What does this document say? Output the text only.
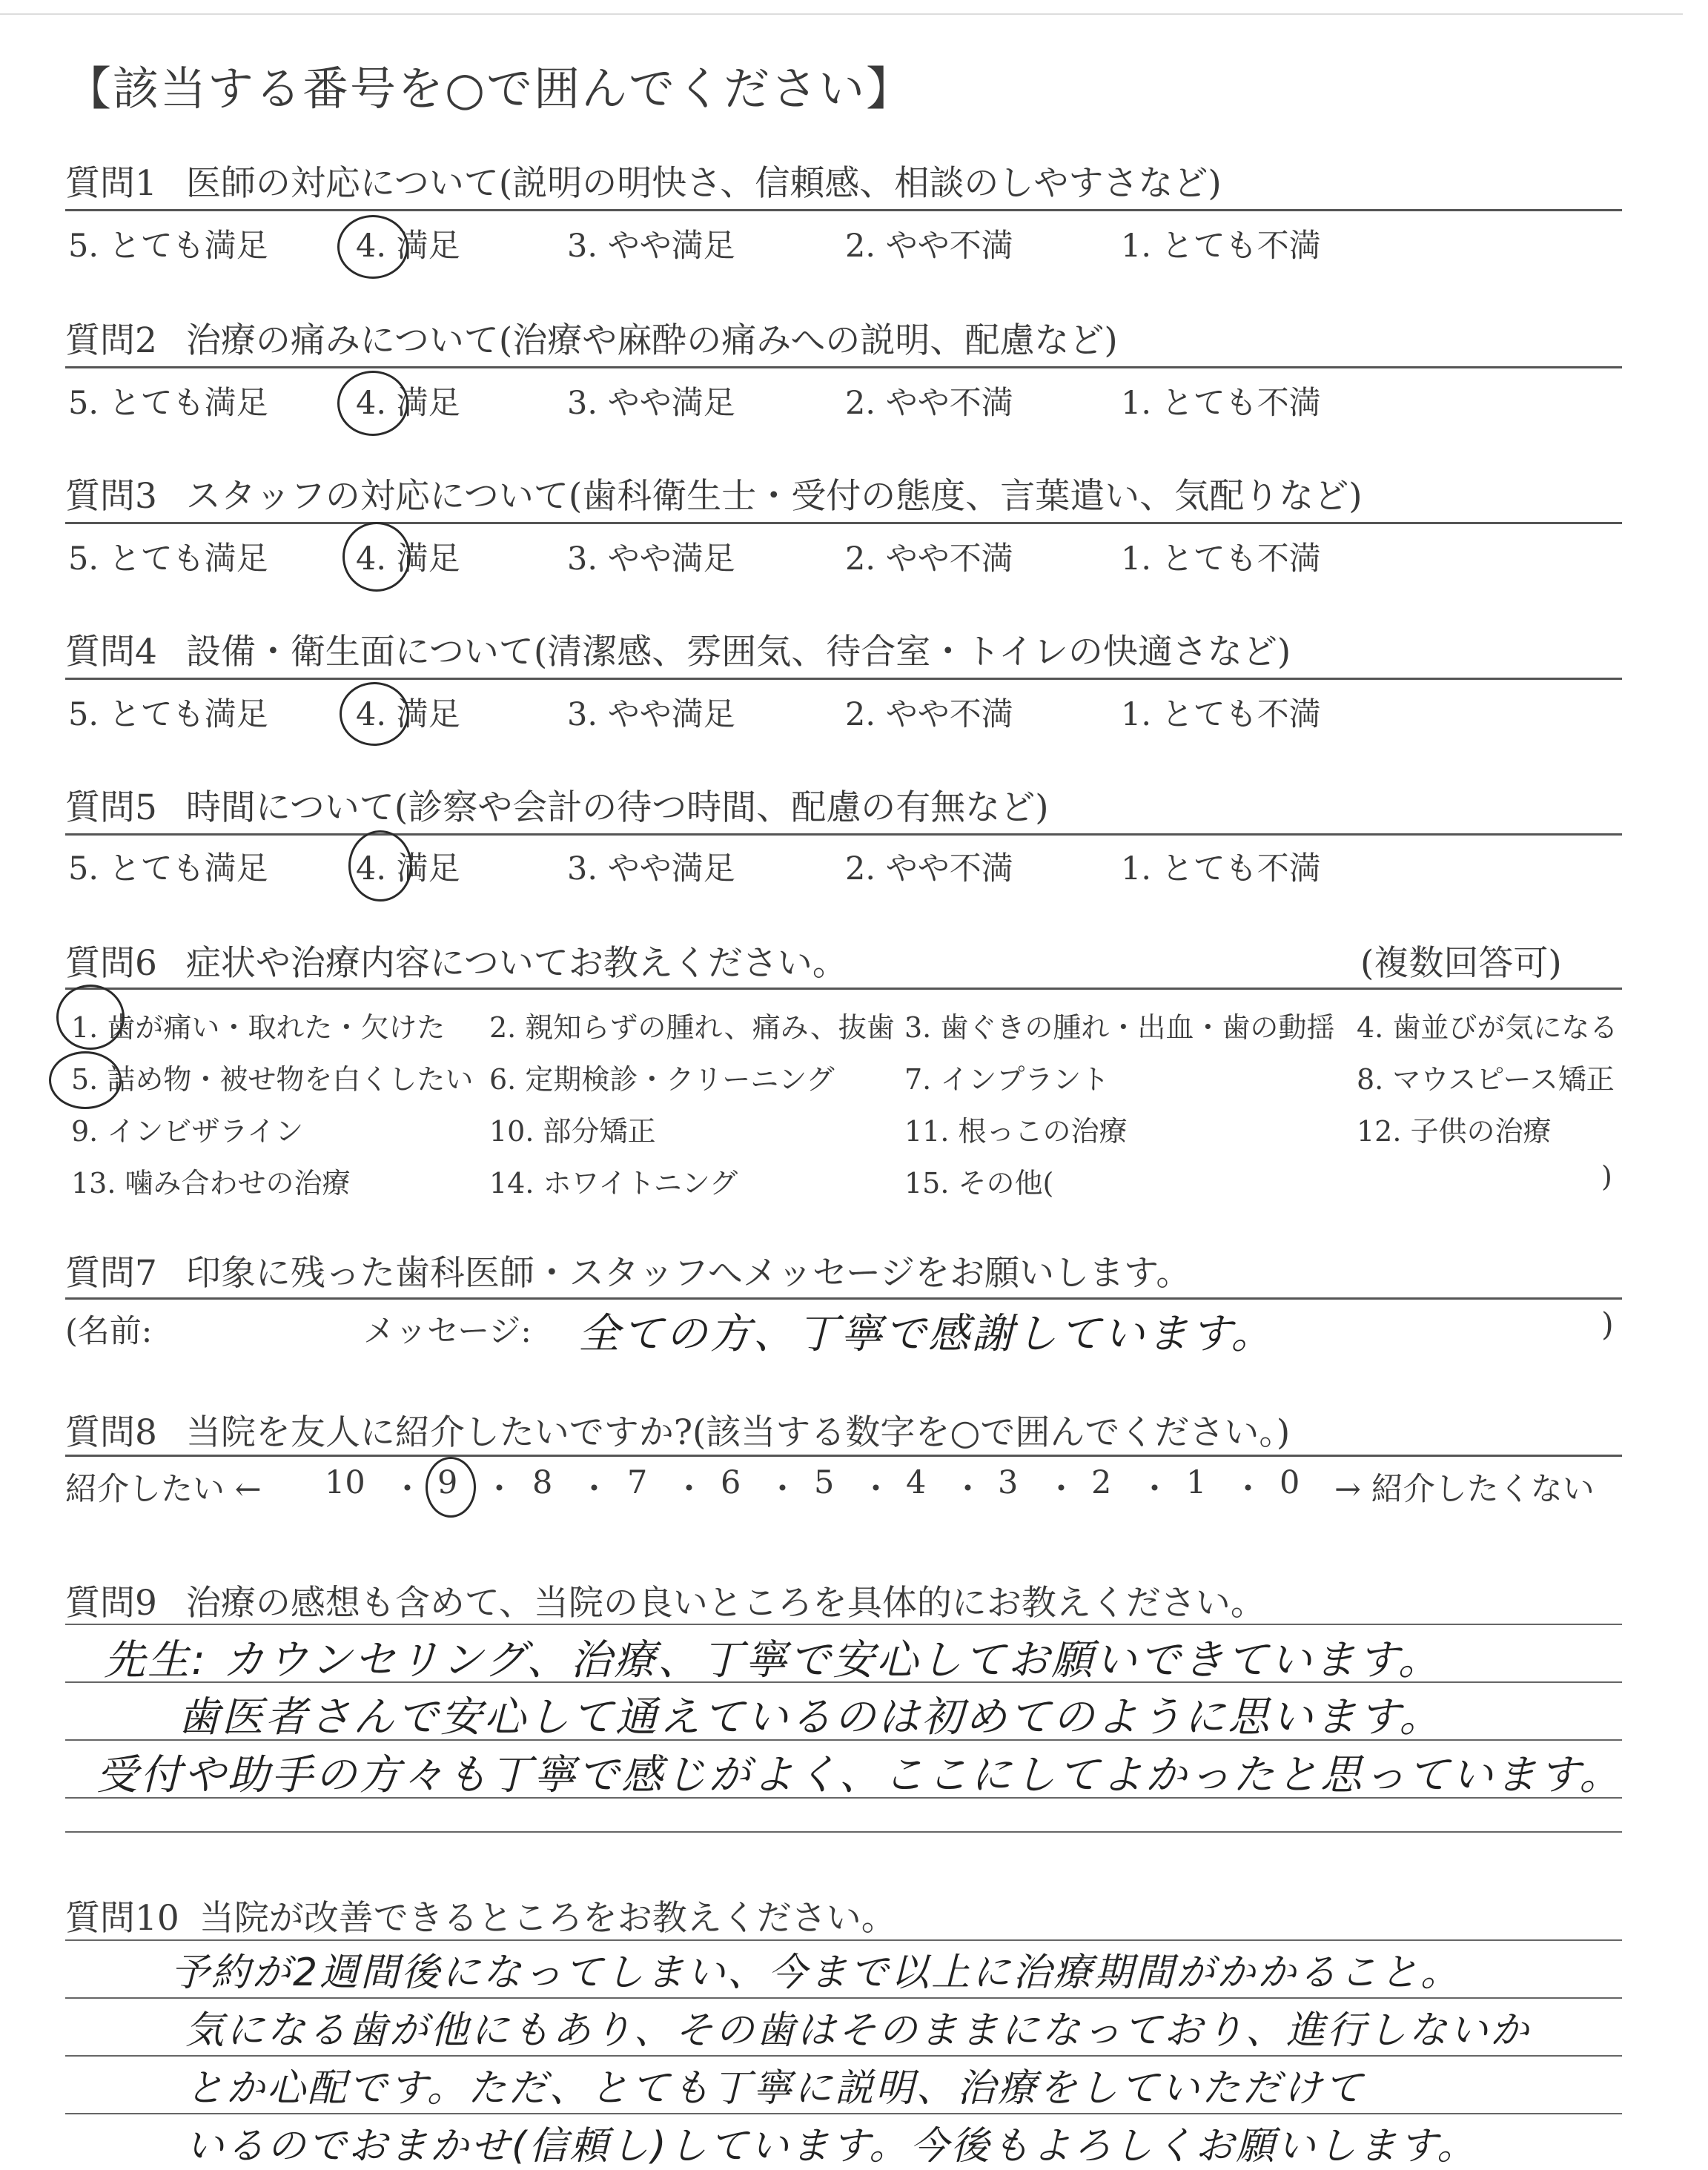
【該当する番号を○で囲んでください】
質問1 医師の対応について(説明の明快さ、信頼感、相談のしやすさなど)
5. とても満足	4. 満足	3. やや満足	2. やや不満	1. とても不満
質問2 治療の痛みについて(治療や麻酔の痛みへの説明、配慮など)
5. とても満足	4. 満足	3. やや満足	2. やや不満	1. とても不満
質問3 スタッフの対応について(歯科衛生士・受付の態度、言葉遣い、気配りなど)
5. とても満足	4. 満足	3. やや満足	2. やや不満	1. とても不満
質問4 設備・衛生面について(清潔感、雰囲気、待合室・トイレの快適さなど)
5. とても満足	4. 満足	3. やや満足	2. やや不満	1. とても不満
質問5 時間について(診察や会計の待つ時間、配慮の有無など)
5. とても満足	4. 満足	3. やや満足	2. やや不満	1. とても不満
質問6 症状や治療内容についてお教えください。	(複数回答可)
1. 歯が痛い・取れた・欠けた 2. 親知らずの腫れ、痛み、抜歯 3. 歯ぐきの腫れ・出血・歯の動揺 4. 歯並びが気になる
5. 詰め物・被せ物を白くしたい 6. 定期検診・クリーニング 7. インプラント	8. マウスピース矯正
9. インビザライン	10. 部分矯正	11. 根っこの治療	12. 子供の治療
13. 噛み合わせの治療	14. ホワイトニング	15. その他(	)
質問7 印象に残った歯科医師・スタッフへメッセージをお願いします。
(名前:	メッセージ: 全ての方、丁寧で感謝しています。	)
質問8 当院を友人に紹介したいですか?(該当する数字を○で囲んでください。)
紹介したい ← 10 ・ 9 ・ 8 ・ 7 ・ 6 ・ 5 ・ 4 ・ 3 ・ 2 ・ 1 ・ 0 → 紹介したくない
質問9 治療の感想も含めて、当院の良いところを具体的にお教えください。
先生: カウンセリング、治療、丁寧で安心してお願いできています。
歯医者さんで安心して通えているのは初めてのように思います。
受付や助手の方々も丁寧で感じがよく、ここにしてよかったと思っています。
質問10 当院が改善できるところをお教えください。
予約が2週間後になってしまい、今まで以上に治療期間がかかること。
気になる歯が他にもあり、その歯はそのままになっており、進行しないか
とか心配です。ただ、とても丁寧に説明、治療をしていただけて
いるのでおまかせ(信頼し)しています。今後もよろしくお願いします。
